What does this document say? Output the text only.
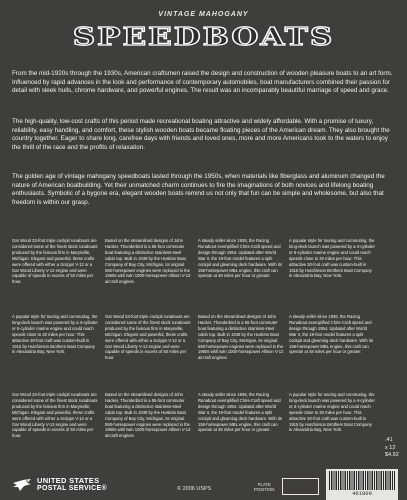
VINTAGE MAHOGANY
SPEEDBOATS

From the mid-1920s through the 1930s, American craftsmen raised the design and construction of wooden pleasure boats to an art form. Influenced by rapid advances in the look and performance of contemporary automobiles, boat manufacturers combined their passion for detail with sleek hulls, chrome hardware, and powerful engines. The result was an incomparably beautiful marriage of speed and grace.

The high-quality, low-cost crafts of this period made recreational boating attractive and widely affordable. With a promise of luxury, reliability, easy handling, and comfort, these stylish wooden boats became floating pieces of the American dream. They also brought the country together. Eager to share long, carefree days with friends and loved ones, more and more Americans took to the waters to enjoy the thrill of the race and the profits of relaxation.

The golden age of vintage mahogany speedboats lasted through the 1950s, when materials like fiberglass and aluminum changed the nature of American boatbuilding. Yet their unmatched charm continues to fire the imaginations of both novices and lifelong boating enthusiasts. Symbolic of a bygone era, elegant wooden boats remind us not only that fun can be simple and wholesome, but also that freedom is within our grasp.

Gar Wood 33-foot triple cockpit runabouts are considered some of the finest stock runabouts produced by the famous firm in Marysville, Michigan. Elegant and powerful, these crafts were offered with either a Scripps V-12 or a Gar Wood Liberty V-12 engine and were capable of speeds in excess of 50 miles per hour.
Based on the streamlined designs of John Hacker, Thunderbird is a 55-foot commuter boat featuring a distinctive stainless-steel cabin top. Built in 1939 by the Huskins Boat Company of Bay City, Michigan, its original 550-horsepower engines were replaced in the 1960s with twin 1000-horsepower Allison V-12 aircraft engines.
A steady seller since 1936, the Racing Runabout exemplified Chris-Craft speed and design through 1954. Updated after World War II, the 19-foot model features a split cockpit and gleaming deck hardware. With its 158-horsepower MBL engine, this craft can operate at 48 miles per hour or greater.
A popular style for touring and commuting, the long-deck launch was powered by a 4-cylinder or 6-cylinder marine engine and could reach speeds close to 30 miles per hour. This attractive 30-foot craft was custom-built in 1915 by Hutchinson Brothers Boat Company in Alexandria Bay, New York.
A popular style for touring and commuting, the long-deck launch was powered by a 4-cylinder or 6-cylinder marine engine and could reach speeds close to 30 miles per hour. This attractive 30-foot craft was custom-built in 1915 by Hutchinson Brothers Boat Company in Alexandria Bay, New York.
Gar Wood 33-foot triple cockpit runabouts are considered some of the finest stock runabouts produced by the famous firm in Marysville, Michigan. Elegant and powerful, these crafts were offered with either a Scripps V-12 or a Gar Wood Liberty V-12 engine and were capable of speeds in excess of 50 miles per hour.
Based on the streamlined designs of John Hacker, Thunderbird is a 55-foot commuter boat featuring a distinctive stainless-steel cabin top. Built in 1939 by the Huskins Boat Company of Bay City, Michigan, its original 550-horsepower engines were replaced in the 1960s with twin 1000-horsepower Allison V-12 aircraft engines.
A steady seller since 1936, the Racing Runabout exemplified Chris-Craft speed and design through 1954. Updated after World War II, the 19-foot model features a split cockpit and gleaming deck hardware. With its 158-horsepower MBL engine, this craft can operate at 48 miles per hour or greater.
Gar Wood 33-foot triple cockpit runabouts are considered some of the finest stock runabouts produced by the famous firm in Marysville, Michigan. Elegant and powerful, these crafts were offered with either a Scripps V-12 or a Gar Wood Liberty V-12 engine and were capable of speeds in excess of 50 miles per hour.
Based on the streamlined designs of John Hacker, Thunderbird is a 55-foot commuter boat featuring a distinctive stainless-steel cabin top. Built in 1939 by the Huskins Boat Company of Bay City, Michigan, its original 550-horsepower engines were replaced in the 1960s with twin 1000-horsepower Allison V-12 aircraft engines.
A steady seller since 1936, the Racing Runabout exemplified Chris-Craft speed and design through 1954. Updated after World War II, the 19-foot model features a split cockpit and gleaming deck hardware. With its 158-horsepower MBL engine, this craft can operate at 48 miles per hour or greater.
A popular style for touring and commuting, the long-deck launch was powered by a 4-cylinder or 6-cylinder marine engine and could reach speeds close to 30 miles per hour. This attractive 30-foot craft was custom-built in 1915 by Hutchinson Brothers Boat Company in Alexandria Bay, New York.
.41
x 12
$4.92
UNITED STATES
POSTAL SERVICE®	© 2006 USPS
PLATE
POSITION
461800
